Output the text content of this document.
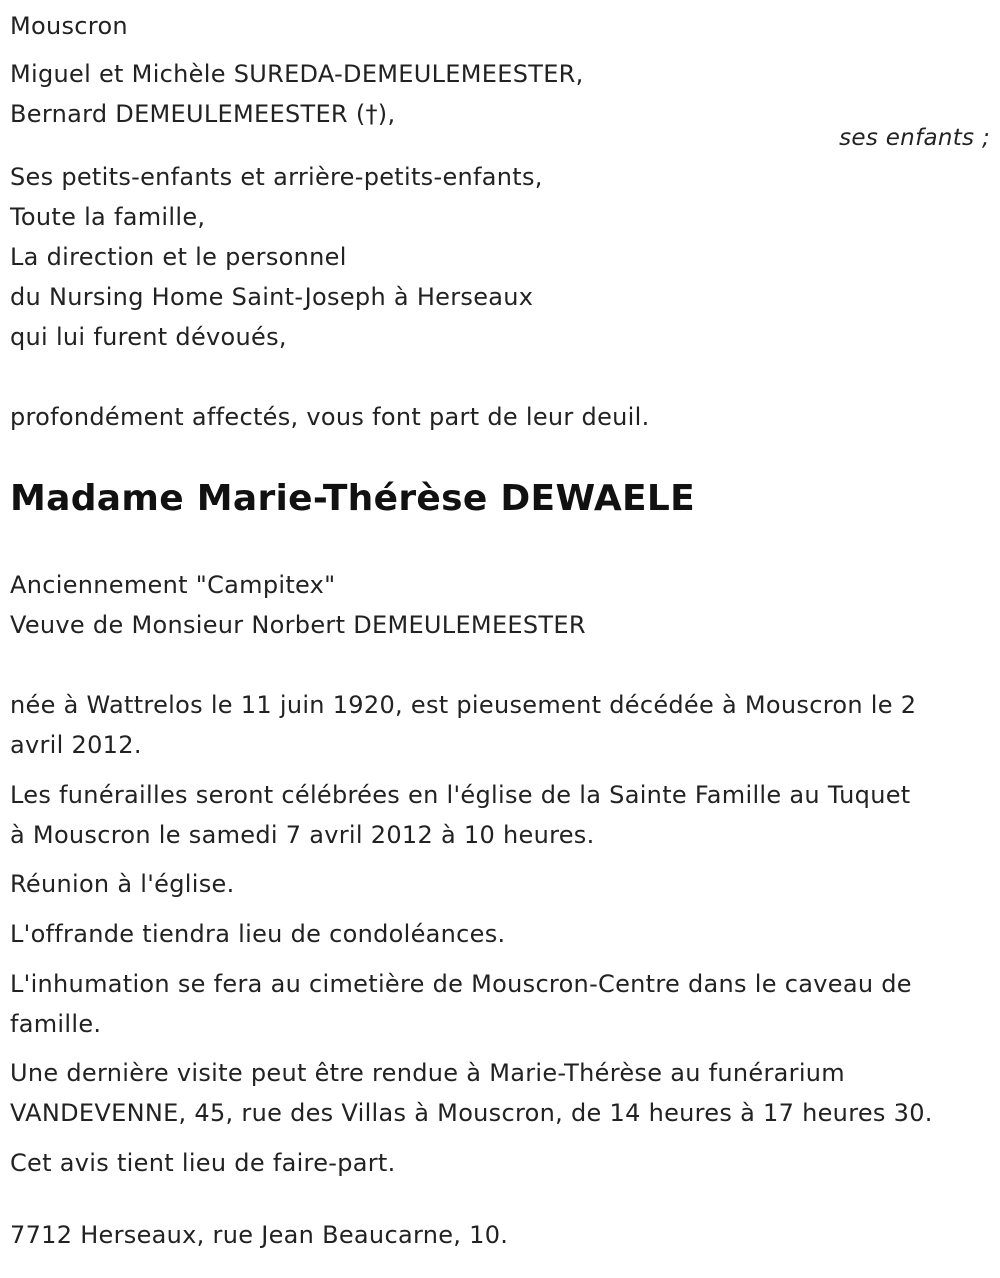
Mouscron
Miguel et Michèle SUREDA-DEMEULEMEESTER,
Bernard DEMEULEMEESTER (†),
ses enfants ;
Ses petits-enfants et arrière-petits-enfants,
Toute la famille,
La direction et le personnel
du Nursing Home Saint-Joseph à Herseaux
qui lui furent dévoués,
profondément affectés, vous font part de leur deuil.
Madame Marie-Thérèse DEWAELE
Anciennement "Campitex"
Veuve de Monsieur Norbert DEMEULEMEESTER
née à Wattrelos le 11 juin 1920, est pieusement décédée à Mouscron le 2
avril 2012.
Les funérailles seront célébrées en l'église de la Sainte Famille au Tuquet
à Mouscron le samedi 7 avril 2012 à 10 heures.
Réunion à l'église.
L'offrande tiendra lieu de condoléances.
L'inhumation se fera au cimetière de Mouscron-Centre dans le caveau de
famille.
Une dernière visite peut être rendue à Marie-Thérèse au funérarium
VANDEVENNE, 45, rue des Villas à Mouscron, de 14 heures à 17 heures 30.
Cet avis tient lieu de faire-part.
7712 Herseaux, rue Jean Beaucarne, 10.
